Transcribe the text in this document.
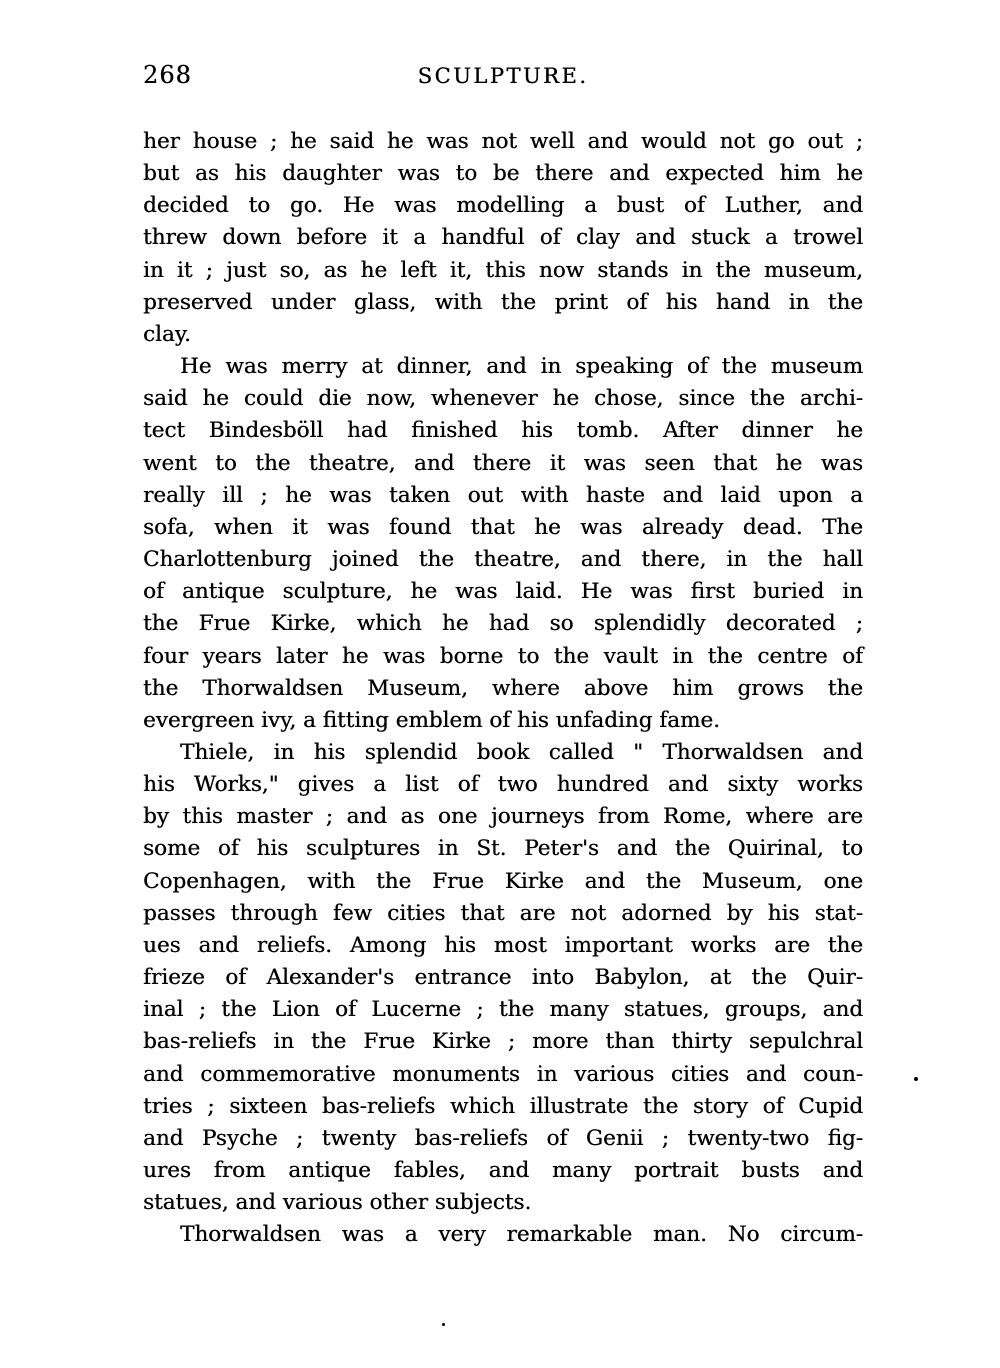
268	SCULPTURE.
her house ; he said he was not well and would not go out ;
but as his daughter was to be there and expected him he
decided to go. He was modelling a bust of Luther, and
threw down before it a handful of clay and stuck a trowel
in it ; just so, as he left it, this now stands in the museum,
preserved under glass, with the print of his hand in the
clay.
He was merry at dinner, and in speaking of the museum
said he could die now, whenever he chose, since the archi-
tect Bindesböll had finished his tomb. After dinner he
went to the theatre, and there it was seen that he was
really ill ; he was taken out with haste and laid upon a
sofa, when it was found that he was already dead. The
Charlottenburg joined the theatre, and there, in the hall
of antique sculpture, he was laid. He was first buried in
the Frue Kirke, which he had so splendidly decorated ;
four years later he was borne to the vault in the centre of
the Thorwaldsen Museum, where above him grows the
evergreen ivy, a fitting emblem of his unfading fame.
Thiele, in his splendid book called " Thorwaldsen and
his Works," gives a list of two hundred and sixty works
by this master ; and as one journeys from Rome, where are
some of his sculptures in St. Peter's and the Quirinal, to
Copenhagen, with the Frue Kirke and the Museum, one
passes through few cities that are not adorned by his stat-
ues and reliefs. Among his most important works are the
frieze of Alexander's entrance into Babylon, at the Quir-
inal ; the Lion of Lucerne ; the many statues, groups, and
bas-reliefs in the Frue Kirke ; more than thirty sepulchral
and commemorative monuments in various cities and coun-
tries ; sixteen bas-reliefs which illustrate the story of Cupid
and Psyche ; twenty bas-reliefs of Genii ; twenty-two fig-
ures from antique fables, and many portrait busts and
statues, and various other subjects.
Thorwaldsen was a very remarkable man. No circum-
